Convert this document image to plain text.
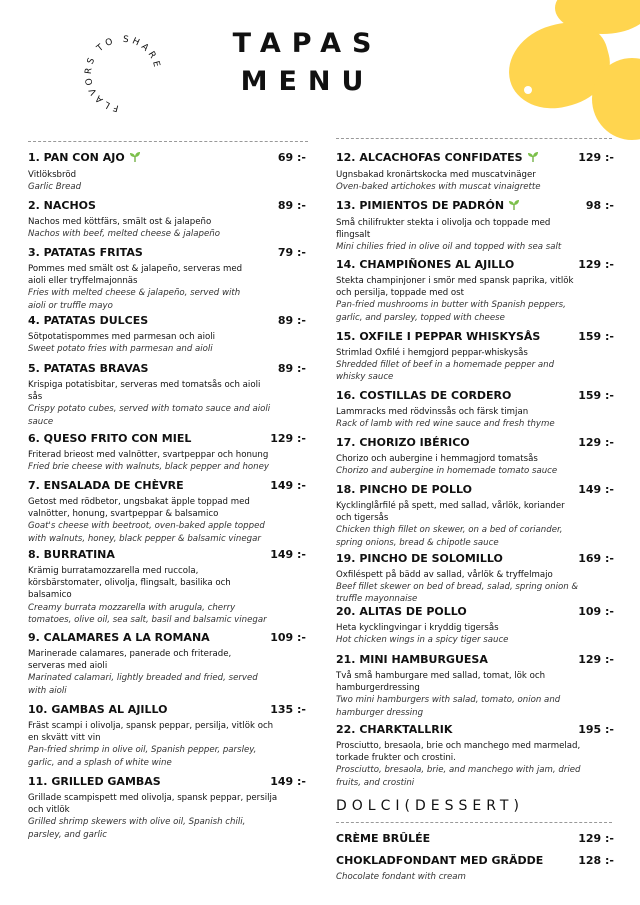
FLAVORS TO SHARE
TAPAS
MENU
1. PAN CON AJO	69 :-
Vitlöksbröd
Garlic Bread
2. NACHOS	89 :-
Nachos med köttfärs, smält ost & jalapeño
Nachos with beef, melted cheese & jalapeño
3. PATATAS FRITAS	79 :-
Pommes med smält ost & jalapeño, serveras med
aioli eller tryffelmajonnäs
Fries with melted cheese & jalapeño, served with
aioli or truffle mayo
4. PATATAS DULCES	89 :-
Sötpotatispommes med parmesan och aioli
Sweet potato fries with parmesan and aioli
5. PATATAS BRAVAS	89 :-
Krispiga potatisbitar, serveras med tomatsås och aioli
sås
Crispy potato cubes, served with tomato sauce and aioli
sauce
6. QUESO FRITO CON MIEL	129 :-
Friterad brieost med valnötter, svartpeppar och honung
Fried brie cheese with walnuts, black pepper and honey
7. ENSALADA DE CHÈVRE	149 :-
Getost med rödbetor, ungsbakat äpple toppad med
valnötter, honung, svartpeppar & balsamico
Goat's cheese with beetroot, oven-baked apple topped
with walnuts, honey, black pepper & balsamic vinegar
8. BURRATINA	149 :-
Krämig burratamozzarella med ruccola,
körsbärstomater, olivolja, flingsalt, basilika och
balsamico
Creamy burrata mozzarella with arugula, cherry
tomatoes, olive oil, sea salt, basil and balsamic vinegar
9. CALAMARES A LA ROMANA	109 :-
Marinerade calamares, panerade och friterade,
serveras med aioli
Marinated calamari, lightly breaded and fried, served
with aioli
10. GAMBAS AL AJILLO	135 :-
Fräst scampi i olivolja, spansk peppar, persilja, vitlök och
en skvätt vitt vin
Pan-fried shrimp in olive oil, Spanish pepper, parsley,
garlic, and a splash of white wine
11. GRILLED GAMBAS	149 :-
Grillade scampispett med olivolja, spansk peppar, persilja
och vitlök
Grilled shrimp skewers with olive oil, Spanish chili,
parsley, and garlic
12. ALCACHOFAS CONFIDATES	129 :-
Ugnsbakad kronärtskocka med muscatvinäger
Oven-baked artichokes with muscat vinaigrette
13. PIMIENTOS DE PADRÓN	98 :-
Små chilifrukter stekta i olivolja och toppade med
flingsalt
Mini chilies fried in olive oil and topped with sea salt
14. CHAMPIÑONES AL AJILLO	129 :-
Stekta champinjoner i smör med spansk paprika, vitlök
och persilja, toppade med ost
Pan-fried mushrooms in butter with Spanish peppers,
garlic, and parsley, topped with cheese
15. OXFILE I PEPPAR WHISKYSÅS	159 :-
Strimlad Oxfilé i hemgjord peppar-whiskysås
Shredded fillet of beef in a homemade pepper and
whisky sauce
16. COSTILLAS DE CORDERO	159 :-
Lammracks med rödvinssås och färsk timjan
Rack of lamb with red wine sauce and fresh thyme
17. CHORIZO IBÉRICO	129 :-
Chorizo och aubergine i hemmagjord tomatsås
Chorizo and aubergine in homemade tomato sauce
18. PINCHO DE POLLO	149 :-
Kycklinglårfilé på spett, med sallad, vårlök, koriander
och tigersås
Chicken thigh fillet on skewer, on a bed of coriander,
spring onions, bread & chipotle sauce
19. PINCHO DE SOLOMILLO	169 :-
Oxfilé​spett på bädd av sallad, vårlök & tryffelmajo
Beef fillet skewer on bed of bread, salad, spring onion &
truffle mayonnaise
20. ALITAS DE POLLO	109 :-
Heta kycklingvingar i kryddig tigersås
Hot chicken wings in a spicy tiger sauce
21. MINI HAMBURGUESA	129 :-
Två små hamburgare med sallad, tomat, lök och
hamburgerdressing
Two mini hamburgers with salad, tomato, onion and
hamburger dressing
22. CHARKTALLRIK	195 :-
Prosciutto, bresaola, brie och manchego med marmelad,
torkade frukter och crostini.
Prosciutto, bresaola, brie, and manchego with jam, dried
fruits, and crostini
DOLCI(DESSERT)
CRÈME BRÛLÉE	129 :-
CHOKLADFONDANT MED GRÄDDE	128 :-
Chocolate fondant with cream
